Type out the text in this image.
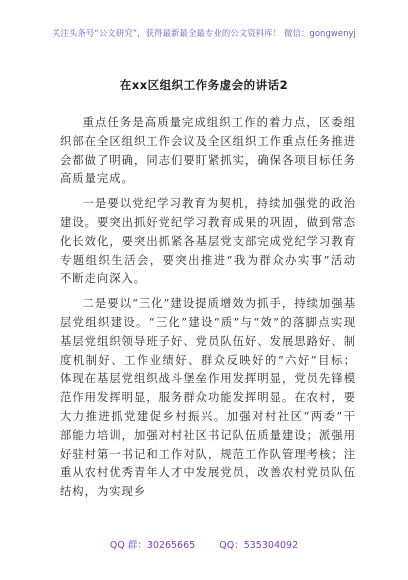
关注头条号“公文研究”，获得最新最全最专业的公文资料库！ 微信：gongwenyj
在xx区组织工作务虚会的讲话2

重点任务是高质量完成组织工作的着力点，区委组织部在全区组织工作会议及全区组织工作重点任务推进会都做了明确，同志们要盯紧抓实，确保各项目标任务高质量完成。

一是要以党纪学习教育为契机，持续加强党的政治建设。要突出抓好党纪学习教育成果的巩固，做到常态化长效化，要突出抓紧各基层党支部完成党纪学习教育专题组织生活会，要突出推进“我为群众办实事”活动不断走向深入。

二是要以“三化”建设提质增效为抓手，持续加强基层党组织建设。“三化”建设“质”与“效”的落脚点实现基层党组织领导班子好、党员队伍好、发展思路好、制度机制好、工作业绩好、群众反映好的“六好”目标；体现在基层党组织战斗堡垒作用发挥明显，党员先锋模范作用发挥明显，服务群众功能发挥明显。在农村，要大力推进抓党建促乡村振兴。加强对村社区“两委”干部能力培训，加强对村社区书记队伍质量建设；派强用好驻村第一书记和工作对队，规范工作队管理考核；注重从农村优秀青年人才中发展党员，改善农村党员队伍结构，为实现乡

QQ 群：30265665	QQ：535304092
